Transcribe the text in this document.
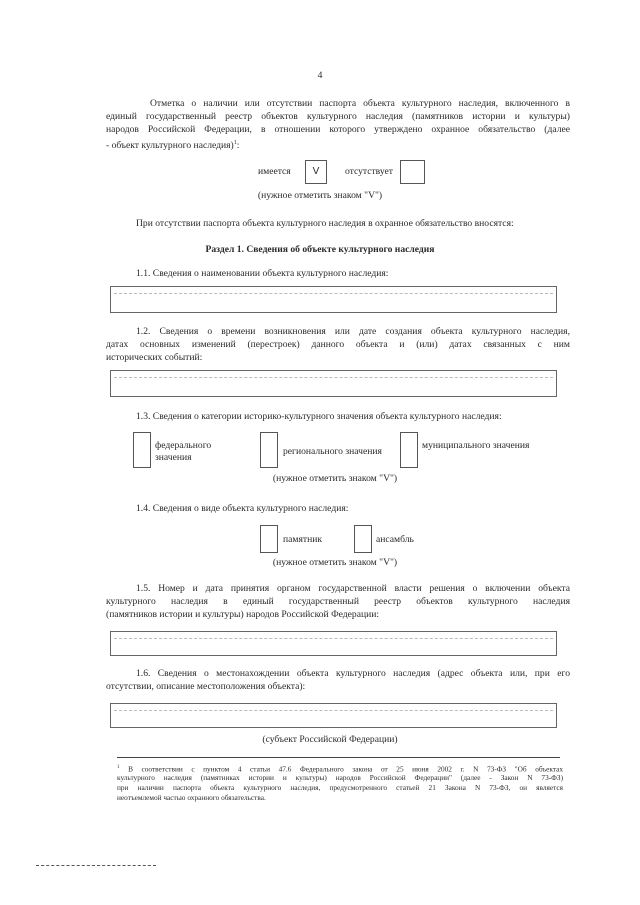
4
Отметка о наличии или отсутствии паспорта объекта культурного наследия, включенного в
единый государственный реестр объектов культурного наследия (памятников истории и культуры)
народов Российской Федерации, в отношении которого утверждено охранное обязательство (далее
- объект культурного наследия)$^1$:
имеется	V	отсутствует
(нужное отметить знаком "V")
При отсутствии паспорта объекта культурного наследия в охранное обязательство вносятся:
Раздел 1. Сведения об объекте культурного наследия
1.1. Сведения о наименовании объекта культурного наследия:
1.2. Сведения о времени возникновения или дате создания объекта культурного наследия,
датах основных изменений (перестроек) данного объекта и (или) датах связанных с ним
исторических событий:
1.3. Сведения о категории историко-культурного значения объекта культурного наследия:
федерального
значения
регионального значения
муниципального значения
(нужное отметить знаком "V")
1.4. Сведения о виде объекта культурного наследия:
памятник	ансамбль
(нужное отметить знаком "V")
1.5. Номер и дата принятия органом государственной власти решения о включении объекта
культурного наследия в единый государственный реестр объектов культурного наследия
(памятников истории и культуры) народов Российской Федерации:
1.6. Сведения о местонахождении объекта культурного наследия (адрес объекта или, при его
отсутствии, описание местоположения объекта):
(субъект Российской Федерации)
$^1$ В соответствии с пунктом 4 статьи 47.6 Федерального закона от 25 июня 2002 г. N 73-ФЗ "Об объектах
культурного наследия (памятниках истории и культуры) народов Российской Федерации" (далее - Закон N 73-ФЗ)
при наличии паспорта объекта культурного наследия, предусмотренного статьей 21 Закона N 73-ФЗ, он является
неотъемлемой частью охранного обязательства.
